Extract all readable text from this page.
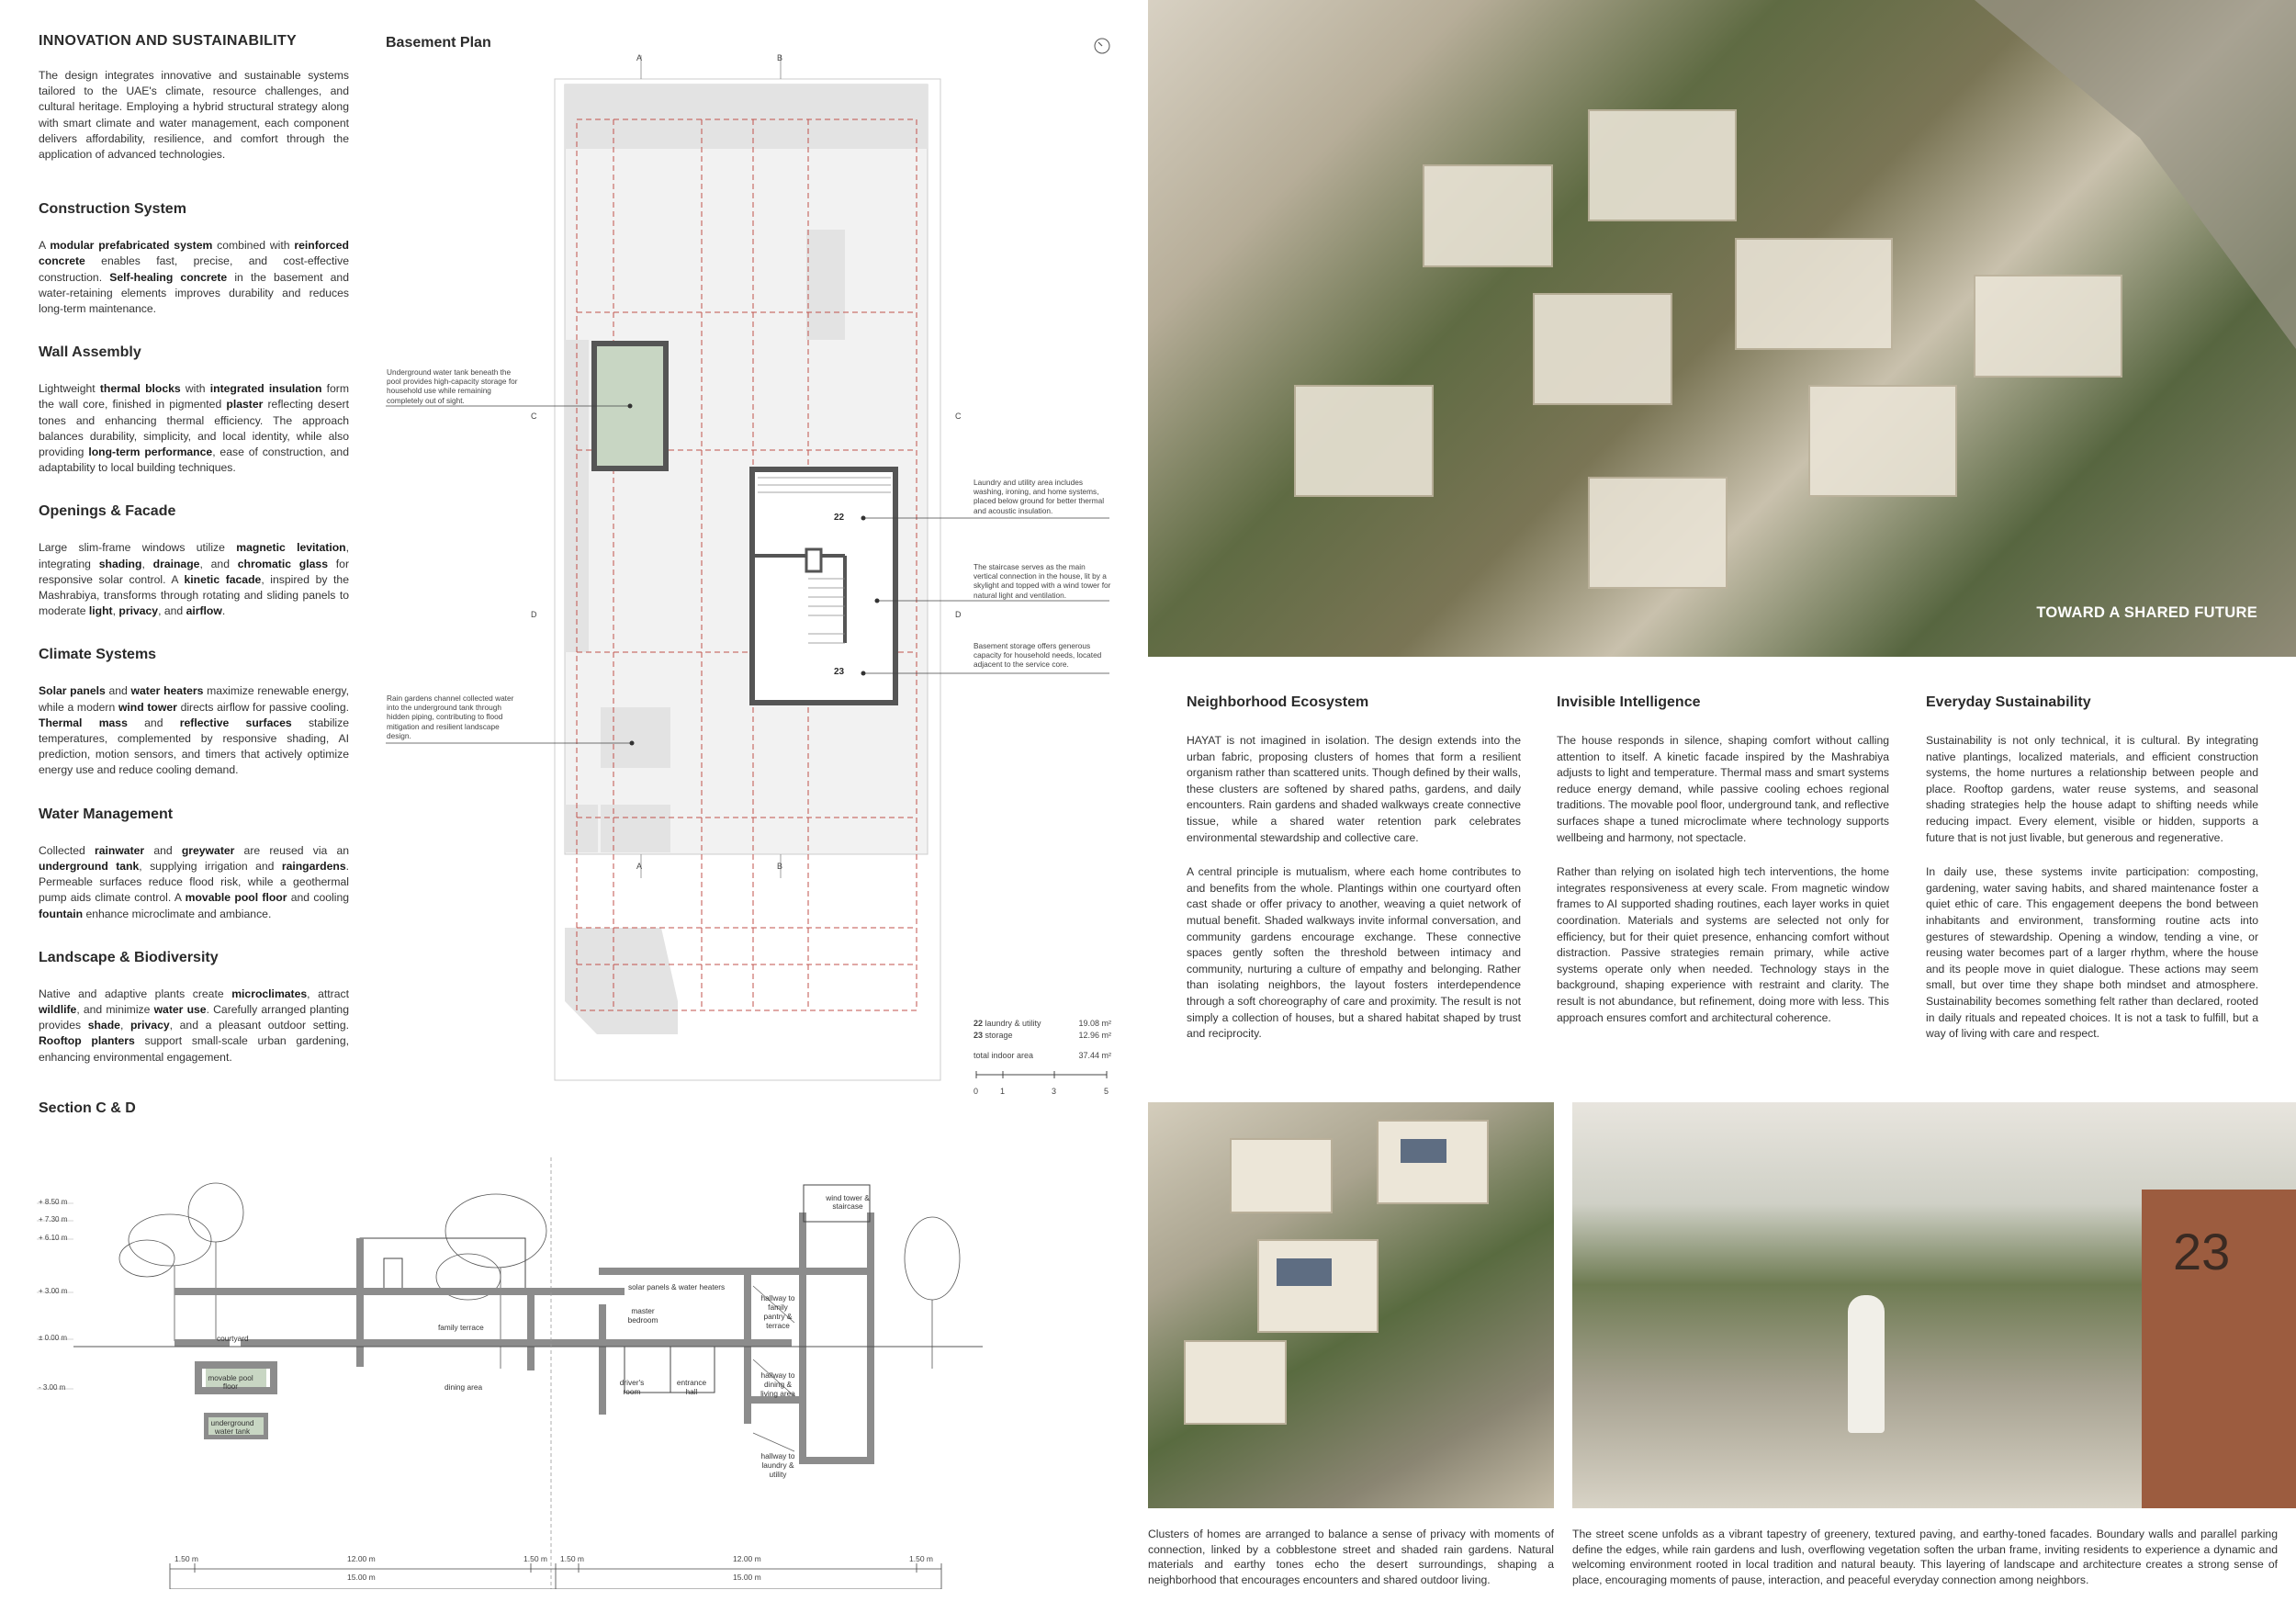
INNOVATION AND SUSTAINABILITY

The design integrates innovative and sustainable systems tailored to the UAE's climate, resource challenges, and cultural heritage. Employing a hybrid structural strategy along with smart climate and water management, each component delivers affordability, resilience, and comfort through the application of advanced technologies.

Construction System

A modular prefabricated system combined with reinforced concrete enables fast, precise, and cost-effective construction. Self-healing concrete in the basement and water-retaining elements improves durability and reduces long-term maintenance.

Wall Assembly

Lightweight thermal blocks with integrated insulation form the wall core, finished in pigmented plaster reflecting desert tones and enhancing thermal efficiency. The approach balances durability, simplicity, and local identity, while also providing long-term performance, ease of construction, and adaptability to local building techniques.

Openings & Facade

Large slim-frame windows utilize magnetic levitation, integrating shading, drainage, and chromatic glass for responsive solar control. A kinetic facade, inspired by the Mashrabiya, transforms through rotating and sliding panels to moderate light, privacy, and airflow.

Climate Systems

Solar panels and water heaters maximize renewable energy, while a modern wind tower directs airflow for passive cooling. Thermal mass and reflective surfaces stabilize temperatures, complemented by responsive shading, AI prediction, motion sensors, and timers that actively optimize energy use and reduce cooling demand.

Water Management

Collected rainwater and greywater are reused via an underground tank, supplying irrigation and raingardens. Permeable surfaces reduce flood risk, while a geothermal pump aids climate control. A movable pool floor and cooling fountain enhance microclimate and ambiance.

Landscape & Biodiversity

Native and adaptive plants create microclimates, attract wildlife, and minimize water use. Carefully arranged planting provides shade, privacy, and a pleasant outdoor setting. Rooftop planters support small-scale urban gardening, enhancing environmental engagement.

Basement Plan
A	B
A	B
C	C
D	D
Underground water tank beneath the pool provides high-capacity storage for household use while remaining completely out of sight.
Rain gardens channel collected water into the underground tank through hidden piping, contributing to flood mitigation and resilient landscape design.
Laundry and utility area includes washing, ironing, and home systems, placed below ground for better thermal and acoustic insulation.
The staircase serves as the main vertical connection in the house, lit by a skylight and topped with a wind tower for natural light and ventilation.
Basement storage offers generous capacity for household needs, located adjacent to the service core.
22
23
22 laundry & utility	19.08 m²
23 storage	12.96 m²
total indoor area	37.44 m²
0	1	3	5
Section C & D
+ 8.50 m
+ 7.30 m
+ 6.10 m
+ 3.00 m
± 0.00 m
- 3.00 m
courtyard
movable pool floor
underground water tank
family terrace
dining area
solar panels & water heaters
wind tower & staircase
master bedroom
driver's room
entrance hall
hallway to family pantry & terrace
hallway to dining & living area
hallway to laundry & utility
1.50 m	12.00 m	1.50 m 1.50 m	12.00 m	1.50 m
15.00 m	15.00 m
TOWARD A SHARED FUTURE
Neighborhood Ecosystem

HAYAT is not imagined in isolation. The design extends into the urban fabric, proposing clusters of homes that form a resilient organism rather than scattered units. Though defined by their walls, these clusters are softened by shared paths, gardens, and daily encounters. Rain gardens and shaded walkways create connective tissue, while a shared water retention park celebrates environmental stewardship and collective care.

A central principle is mutualism, where each home contributes to and benefits from the whole. Plantings within one courtyard often cast shade or offer privacy to another, weaving a quiet network of mutual benefit. Shaded walkways invite informal conversation, and community gardens encourage exchange. These connective spaces gently soften the threshold between intimacy and community, nurturing a culture of empathy and belonging. Rather than isolating neighbors, the layout fosters interdependence through a soft choreography of care and proximity. The result is not simply a collection of houses, but a shared habitat shaped by trust and reciprocity.

Invisible Intelligence

The house responds in silence, shaping comfort without calling attention to itself. A kinetic facade inspired by the Mashrabiya adjusts to light and temperature. Thermal mass and smart systems reduce energy demand, while passive cooling echoes regional traditions. The movable pool floor, underground tank, and reflective surfaces shape a tuned microclimate where technology supports wellbeing and harmony, not spectacle.

Rather than relying on isolated high tech interventions, the home integrates responsiveness at every scale. From magnetic window frames to AI supported shading routines, each layer works in quiet coordination. Materials and systems are selected not only for efficiency, but for their quiet presence, enhancing comfort without distraction. Passive strategies remain primary, while active systems operate only when needed. Technology stays in the background, shaping experience with restraint and clarity. The result is not abundance, but refinement, doing more with less. This approach ensures comfort and architectural coherence.

Everyday Sustainability

Sustainability is not only technical, it is cultural. By integrating native plantings, localized materials, and efficient construction systems, the home nurtures a relationship between people and place. Rooftop gardens, water reuse systems, and seasonal shading strategies help the house adapt to shifting needs while reducing impact. Every element, visible or hidden, supports a future that is not just livable, but generous and regenerative.

In daily use, these systems invite participation: composting, gardening, water saving habits, and shared maintenance foster a quiet ethic of care. This engagement deepens the bond between inhabitants and environment, transforming routine acts into gestures of stewardship. Opening a window, tending a vine, or reusing water becomes part of a larger rhythm, where the house and its people move in quiet dialogue. These actions may seem small, but over time they shape both mindset and atmosphere. Sustainability becomes something felt rather than declared, rooted in daily rituals and repeated choices. It is not a task to fulfill, but a way of living with care and respect.

23

Clusters of homes are arranged to balance a sense of privacy with moments of connection, linked by a cobblestone street and shaded rain gardens. Natural materials and earthy tones echo the desert surroundings, shaping a neighborhood that encourages encounters and shared outdoor living.

The street scene unfolds as a vibrant tapestry of greenery, textured paving, and earthy-toned facades. Boundary walls and parallel parking define the edges, while rain gardens and lush, overflowing vegetation soften the urban frame, inviting residents to experience a dynamic and welcoming environment rooted in local tradition and natural beauty. This layering of landscape and architecture creates a strong sense of place, encouraging moments of pause, interaction, and peaceful everyday connection among neighbors.
